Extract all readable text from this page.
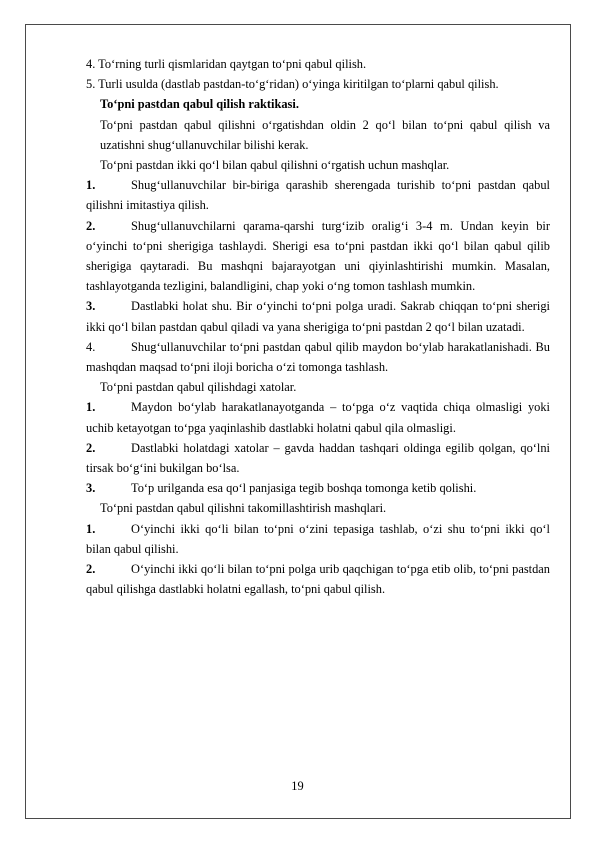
4. To‘rning turli qismlaridan qaytgan to‘pni qabul qilish.

5. Turli usulda (dastlab pastdan-to‘g‘ridan) o‘yinga kiritilgan to‘plarni qabul qilish.

To‘pni pastdan qabul qilish raktikasi.

To‘pni pastdan qabul qilishni o‘rgatishdan oldin 2 qo‘l bilan to‘pni qabul qilish va uzatishni shug‘ullanuvchilar bilishi kerak.

To‘pni pastdan ikki qo‘l bilan qabul qilishni o‘rgatish uchun mashqlar.

1.	Shug‘ullanuvchilar bir-biriga qarashib sherengada turishib to‘pni pastdan qabul qilishni imitastiya qilish.
2.	Shug‘ullanuvchilarni qarama-qarshi turg‘izib oralig‘i 3-4 m. Undan keyin bir o‘yinchi to‘pni sherigiga tashlaydi. Sherigi esa to‘pni pastdan ikki qo‘l bilan qabul qilib sherigiga qaytaradi. Bu mashqni bajarayotgan uni qiyinlashtirishi mumkin. Masalan, tashlayotganda tezligini, balandligini, chap yoki o‘ng tomon tashlash mumkin.
3.	Dastlabki holat shu. Bir o‘yinchi to‘pni polga uradi. Sakrab chiqqan to‘pni sherigi ikki qo‘l bilan pastdan qabul qiladi va yana sherigiga to‘pni pastdan 2 qo‘l bilan uzatadi.
4.	Shug‘ullanuvchilar to‘pni pastdan qabul qilib maydon bo‘ylab harakatlanishadi. Bu mashqdan maqsad to‘pni iloji boricha o‘zi tomonga tashlash.

To‘pni pastdan qabul qilishdagi xatolar.

1.	Maydon bo‘ylab harakatlanayotganda – to‘pga o‘z vaqtida chiqa olmasligi yoki uchib ketayotgan to‘pga yaqinlashib dastlabki holatni qabul qila olmasligi.
2.	Dastlabki holatdagi xatolar – gavda haddan tashqari oldinga egilib qolgan, qo‘lni tirsak bo‘g‘ini bukilgan bo‘lsa.
3.	To‘p urilganda esa qo‘l panjasiga tegib boshqa tomonga ketib qolishi.

To‘pni pastdan qabul qilishni takomillashtirish mashqlari.

1.	O‘yinchi ikki qo‘li bilan to‘pni o‘zini tepasiga tashlab, o‘zi shu to‘pni ikki qo‘l bilan qabul qilishi.
2.	O‘yinchi ikki qo‘li bilan to‘pni polga urib qaqchigan to‘pga etib olib, to‘pni pastdan qabul qilishga dastlabki holatni egallash, to‘pni qabul qilish.
19
